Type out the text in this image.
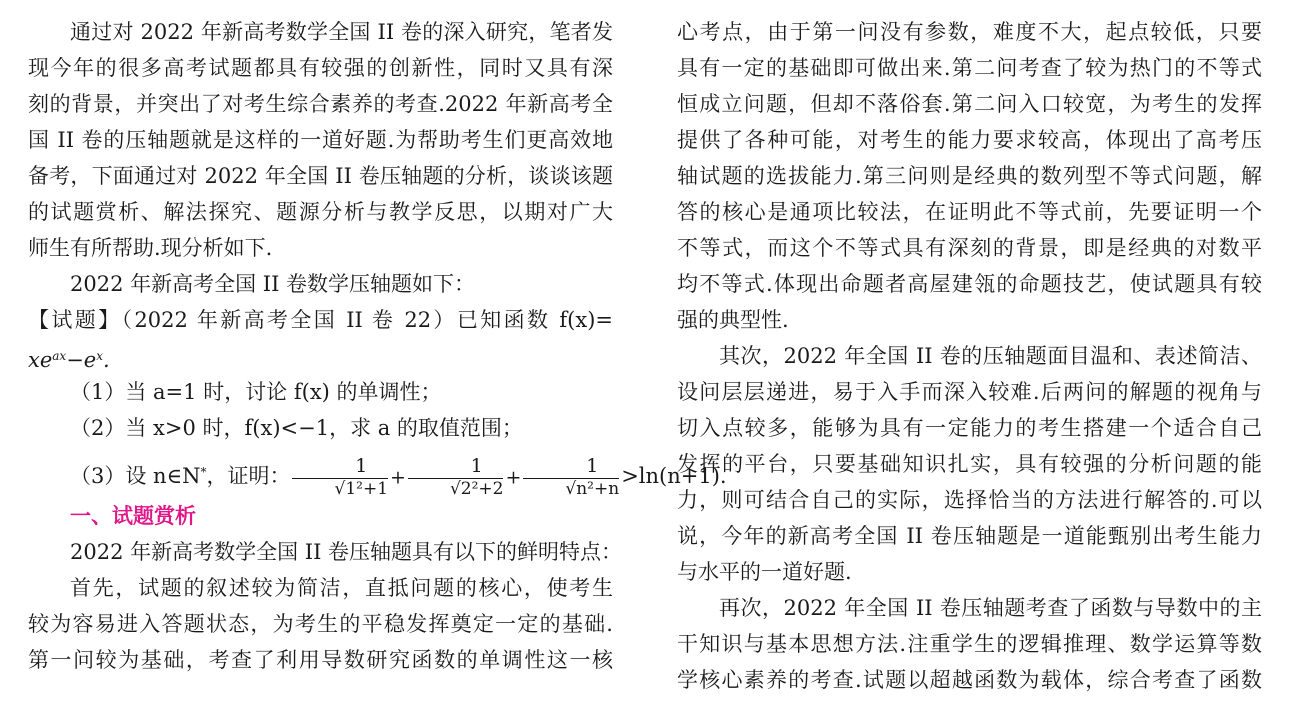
通过对 2022 年新高考数学全国 II 卷的深入研究，笔者发
现今年的很多高考试题都具有较强的创新性，同时又具有深
刻的背景，并突出了对考生综合素养的考查.2022 年新高考全
国 II 卷的压轴题就是这样的一道好题.为帮助考生们更高效地
备考，下面通过对 2022 年全国 II 卷压轴题的分析，谈谈该题
的试题赏析、解法探究、题源分析与教学反思，以期对广大
师生有所帮助.现分析如下.
2022 年新高考全国 II 卷数学压轴题如下：
【试题】（2022 年新高考全国 II 卷 22）已知函数 f(x)=
$xe^{ax}-e^x$.
（1）当 a=1 时，讨论 f(x) 的单调性；
（2）当 x>0 时，f(x)<−1，求 a 的取值范围；
（3）设 n∈N*，证明： $\frac{1}{\text{√1²+1}} + \frac{1}{\text{√2²+2}} + \frac{1}{\text{√n²+n}} >\ln(n+1)$.
一、试题赏析
2022 年新高考数学全国 II 卷压轴题具有以下的鲜明特点：
首先，试题的叙述较为简洁，直抵问题的核心，使考生
较为容易进入答题状态，为考生的平稳发挥奠定一定的基础.
第一问较为基础，考查了利用导数研究函数的单调性这一核
心考点，由于第一问没有参数，难度不大，起点较低，只要
具有一定的基础即可做出来.第二问考查了较为热门的不等式
恒成立问题，但却不落俗套.第二问入口较宽，为考生的发挥
提供了各种可能，对考生的能力要求较高，体现出了高考压
轴试题的选拔能力.第三问则是经典的数列型不等式问题，解
答的核心是通项比较法，在证明此不等式前，先要证明一个
不等式，而这个不等式具有深刻的背景，即是经典的对数平
均不等式.体现出命题者高屋建瓴的命题技艺，使试题具有较
强的典型性.
其次，2022 年全国 II 卷的压轴题面目温和、表述简洁、
设问层层递进，易于入手而深入较难.后两问的解题的视角与
切入点较多，能够为具有一定能力的考生搭建一个适合自己
发挥的平台，只要基础知识扎实，具有较强的分析问题的能
力，则可结合自己的实际，选择恰当的方法进行解答的.可以
说，今年的新高考全国 II 卷压轴题是一道能甄别出考生能力
与水平的一道好题.
再次，2022 年全国 II 卷压轴题考查了函数与导数中的主
干知识与基本思想方法.注重学生的逻辑推理、数学运算等数
学核心素养的考查.试题以超越函数为载体，综合考查了函数
